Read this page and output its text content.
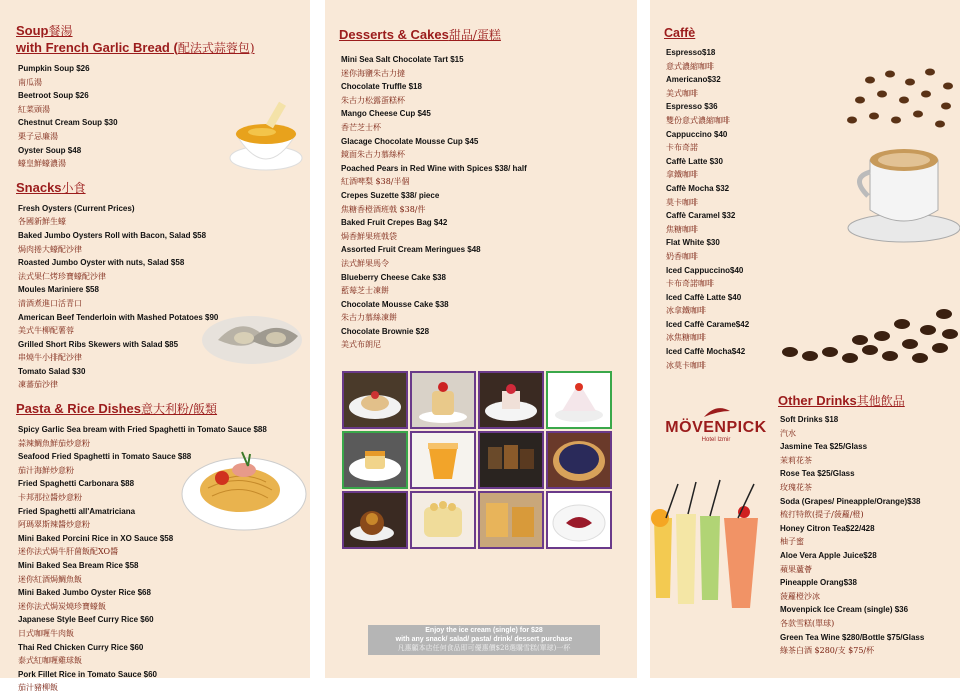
Soup餐湯
with French Garlic Bread (配法式蒜蓉包)
Pumpkin Soup $26
南瓜湯
Beetroot Soup $26
紅菜頭湯
Chestnut Cream Soup $30
栗子忌廉湯
Oyster Soup $48
蠔皇鮮蠔濃湯
Snacks小食
Fresh Oysters (Current Prices)
各國新鮮生蠔
Baked Jumbo Oysters Roll with Bacon, Salad $58
焗肉捲大蠔配沙律
Roasted Jumbo Oyster with nuts, Salad $58
法式果仁烤珍寶蠔配沙律
Moules Mariniere $58
清酒煮進口活青口
American Beef Tenderloin with Mashed Potatoes $90
美式牛柳配薯蓉
Grilled Short Ribs Skewers with Salad $85
串燒牛小排配沙律
Tomato Salad $30
凍蕃茄沙律
Pasta & Rice Dishes意大利粉/飯類
Spicy Garlic Sea bream with Fried Spaghetti in Tomato Sauce $88
蒜辣鯛魚鮮茄炒意粉
Seafood Fried Spaghetti in Tomato Sauce $88
茄汁海鮮炒意粉
Fried Spaghetti Carbonara $88
卡邦那拉醬炒意粉
Fried Spaghetti all'Amatriciana
阿瑪翠斯辣醬炒意粉
Mini Baked Porcini Rice in XO Sauce $58
迷你法式焗牛肝菌飯配XO醬
Mini Baked Sea Bream Rice $58
迷你紅酒焗鯛魚飯
Mini Baked Jumbo Oyster Rice $68
迷你法式焗炭燒珍寶蠔飯
Japanese Style Beef Curry Rice $60
日式咖喱牛肉飯
Thai Red Chicken Curry Rice $60
泰式紅咖喱雞球飯
Pork Fillet Rice in Tomato Sauce $60
茄汁豬柳飯
Desserts & Cakes甜品/蛋糕
Mini Sea Salt Chocolate Tart $15
迷你海鹽朱古力撻
Chocolate Truffle $18
朱古力松露蛋糕杯
Mango Cheese Cup $45
香芒芝士杯
Glacage Chocolate Mousse Cup $45
鏡面朱古力慕絲杯
Poached Pears in Red Wine with Spices $38/ half
紅酒啤梨 $38/半個
Crepes Suzette $38/ piece
焦糖香橙酒班戟 $38/件
Baked Fruit Crepes Bag $42
焗香鮮果班戟袋
Assorted Fruit Cream Meringues $48
法式鮮果馬令
Blueberry Cheese Cake $38
藍莓芝士凍餅
Chocolate Mousse Cake $38
朱古力慕絲凍餅
Chocolate Brownie $28
美式布朗尼
Enjoy the ice cream (single) for $28
with any snack/ salad/ pasta/ drink/ dessert purchase
凡惠顧本店任何食品即可優惠價$28選購雪糕(單球)一杯
Caffè
Espresso$18
意式濃縮咖啡
Americano$32
美式咖啡
Espresso $36
雙份意式濃縮咖啡
Cappuccino $40
卡布奇諾
Caffè Latte $30
拿鐵咖啡
Caffè Mocha $32
莫卡咖啡
Caffè Caramel $32
焦糖咖啡
Flat White $30
奶香咖啡
Iced Cappuccino$40
卡布奇諾咖啡
Iced Caffè Latte $40
冰拿鐵咖啡
Iced Caffè Carame$42
冰焦糖咖啡
Iced Caffè Mocha$42
冰莫卡咖啡
Other Drinks其他飲品
Soft Drinks $18
汽水
Jasmine Tea $25/Glass
茉莉花茶
Rose Tea $25/Glass
玫瑰花茶
Soda (Grapes/ Pineapple/Orange)$38
梳打特飲(提子/菠蘿/橙)
Honey Citron Tea$22/428
柚子蜜
Aloe Vera Apple Juice$28
蘋果蘆薈
Pineapple Orang$38
菠蘿橙沙冰
Movenpick Ice Cream (single) $36
各款雪糕(單球)
Green Tea Wine $280/Bottle $75/Glass
綠茶白酒 $280/支 $75/杯
MÖVENPICK
Hotel Izmir
